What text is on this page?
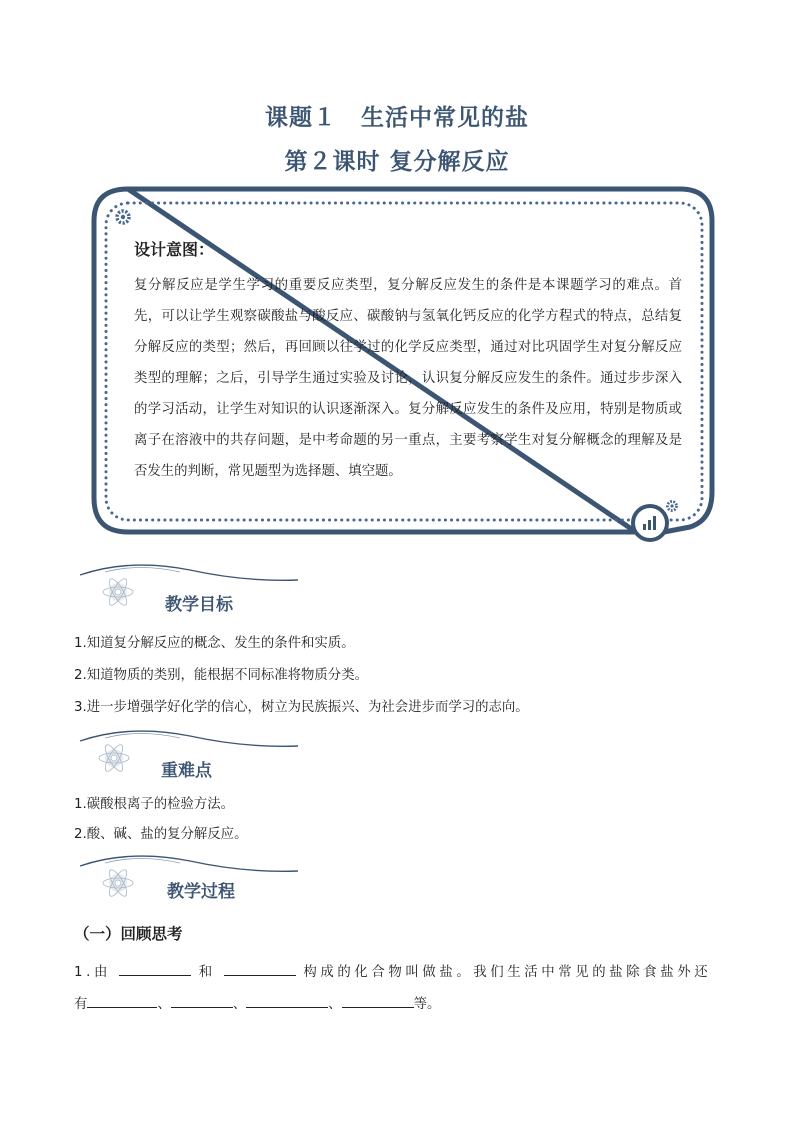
课题１　生活中常见的盐
第２课时 复分解反应
设计意图：
复分解反应是学生学习的重要反应类型，复分解反应发生的条件是本课题学习的难点。首先，可以让学生观察碳酸盐与酸反应、碳酸钠与氢氧化钙反应的化学方程式的特点，总结复分解反应的类型；然后，再回顾以往学过的化学反应类型，通过对比巩固学生对复分解反应类型的理解；之后，引导学生通过实验及讨论，认识复分解反应发生的条件。通过步步深入的学习活动，让学生对知识的认识逐渐深入。复分解反应发生的条件及应用，特别是物质或离子在溶液中的共存问题，是中考命题的另一重点，主要考察学生对复分解概念的理解及是否发生的判断，常见题型为选择题、填空题。
教学目标
1.知道复分解反应的概念、发生的条件和实质。
2.知道物质的类别，能根据不同标准将物质分类。
3.进一步增强学好化学的信心，树立为民族振兴、为社会进步而学习的志向。
重难点
1.碳酸根离子的检验方法。
2.酸、碱、盐的复分解反应。
教学过程
（一）回顾思考
1.由	和	构成的化合物叫做盐。我们生活中常见的盐除食盐外还
有	、	、	、	等。
